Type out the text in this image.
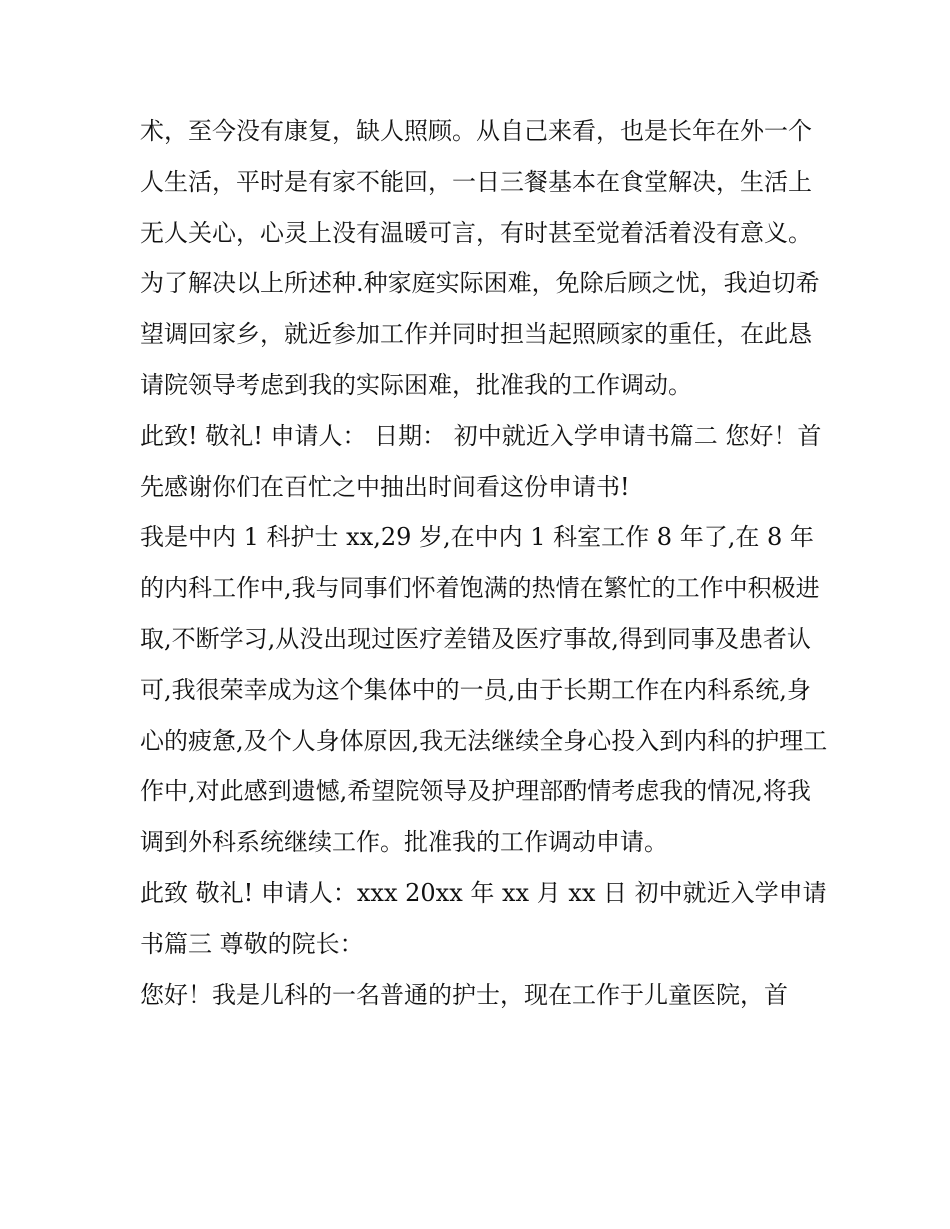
术，至今没有康复，缺人照顾。从自己来看，也是长年在外一个人生活，平时是有家不能回，一日三餐基本在食堂解决，生活上无人关心，心灵上没有温暖可言，有时甚至觉着活着没有意义。

为了解决以上所述种.种家庭实际困难，免除后顾之忧，我迫切希望调回家乡，就近参加工作并同时担当起照顾家的重任，在此恳请院领导考虑到我的实际困难，批准我的工作调动。

此致! 敬礼! 申请人： 日期： 初中就近入学申请书篇二 您好！首先感谢你们在百忙之中抽出时间看这份申请书!

我是中内 1 科护士 xx,29 岁,在中内 1 科室工作 8 年了,在 8 年的内科工作中,我与同事们怀着饱满的热情在繁忙的工作中积极进取,不断学习,从没出现过医疗差错及医疗事故,得到同事及患者认可,我很荣幸成为这个集体中的一员,由于长期工作在内科系统,身心的疲惫,及个人身体原因,我无法继续全身心投入到内科的护理工作中,对此感到遗憾,希望院领导及护理部酌情考虑我的情况,将我调到外科系统继续工作。批准我的工作调动申请。

此致 敬礼! 申请人：xxx 20xx 年 xx 月 xx 日 初中就近入学申请书篇三 尊敬的院长：

您好！我是儿科的一名普通的护士，现在工作于儿童医院，首
